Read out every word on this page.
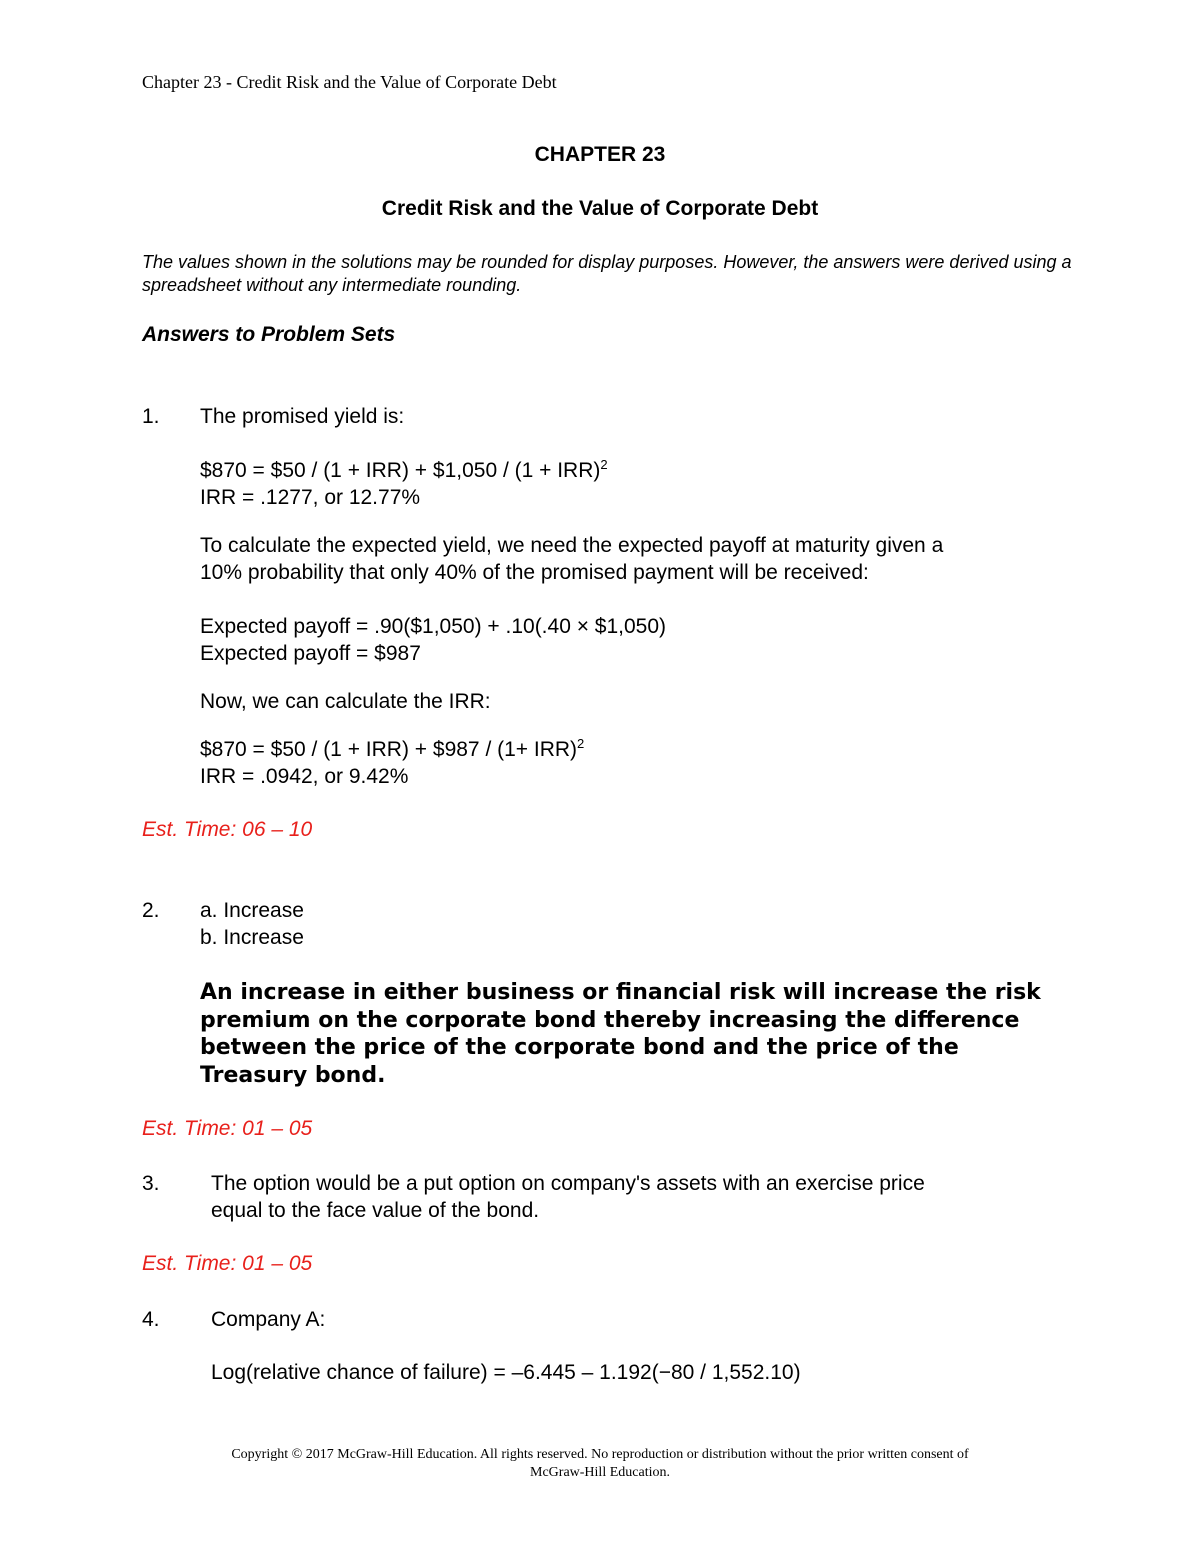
Chapter 23 - Credit Risk and the Value of Corporate Debt
CHAPTER 23
Credit Risk and the Value of Corporate Debt
The values shown in the solutions may be rounded for display purposes. However, the answers were derived using a spreadsheet without any intermediate rounding.
Answers to Problem Sets
1. The promised yield is:
$870 = $50 / (1 + IRR) + $1,050 / (1 + IRR)$^2$
IRR = .1277, or 12.77%
To calculate the expected yield, we need the expected payoff at maturity given a
10% probability that only 40% of the promised payment will be received:
Expected payoff = .90($1,050) + .10(.40 × $1,050)
Expected payoff = $987
Now, we can calculate the IRR:
$870 = $50 / (1 + IRR) + $987 / (1+ IRR)$^2$
IRR = .0942, or 9.42%
Est. Time: 06 – 10
2. a. Increase
b. Increase
An increase in either business or financial risk will increase the risk premium on the corporate bond thereby increasing the difference between the price of the corporate bond and the price of the Treasury bond.
Est. Time: 01 – 05
3. The option would be a put option on company's assets with an exercise price
equal to the face value of the bond.
Est. Time: 01 – 05
4. Company A:
Log(relative chance of failure) = –6.445 – 1.192(−80 / 1,552.10)
Copyright © 2017 McGraw-Hill Education. All rights reserved. No reproduction or distribution without the prior written consent of
McGraw-Hill Education.
